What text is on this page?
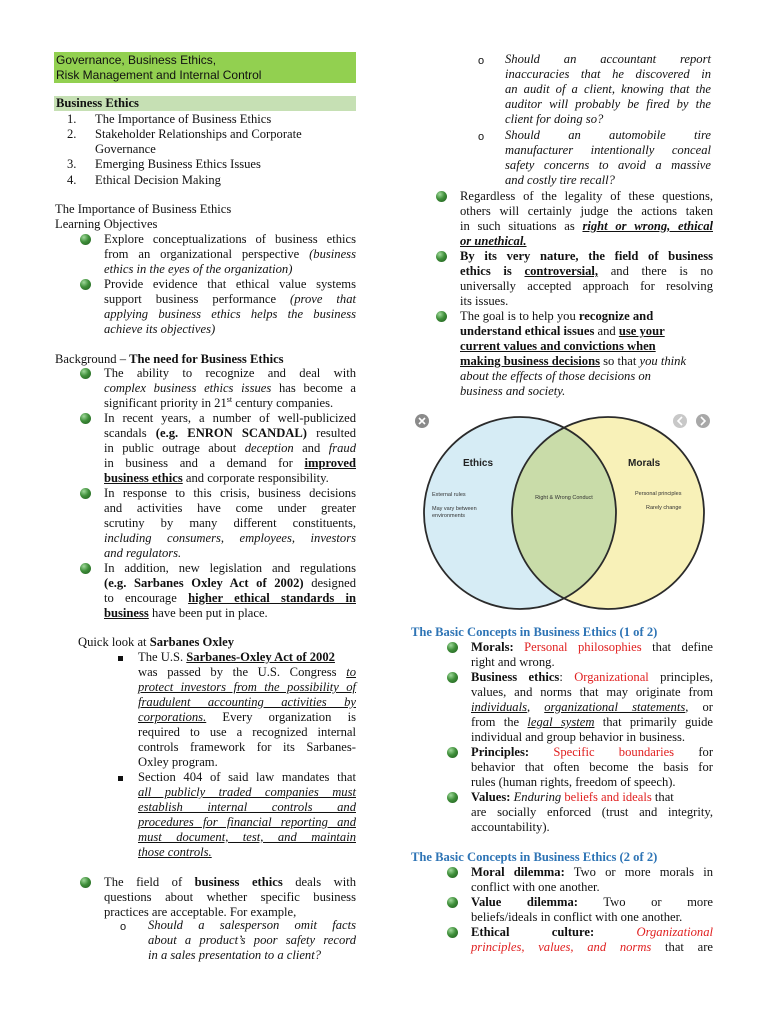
Governance, Business Ethics,
Risk Management and Internal Control
Business Ethics
1. The Importance of Business Ethics
2. Stakeholder Relationships and Corporate
Governance
3. Emerging Business Ethics Issues
4. Ethical Decision Making
The Importance of Business Ethics
Learning Objectives
Explore conceptualizations of business ethics
from an organizational perspective (business
ethics in the eyes of the organization)
Provide evidence that ethical value systems
support business performance (prove that
applying business ethics helps the business
achieve its objectives)
Background – The need for Business Ethics
The ability to recognize and deal with
complex business ethics issues has become a
significant priority in 21st century companies.
In recent years, a number of well-publicized
scandals (e.g. ENRON SCANDAL) resulted
in public outrage about deception and fraud
in business and a demand for improved
business ethics and corporate responsibility.
In response to this crisis, business decisions
and activities have come under greater
scrutiny by many different constituents,
including consumers, employees, investors
and regulators.
In addition, new legislation and regulations
(e.g. Sarbanes Oxley Act of 2002) designed
to encourage higher ethical standards in
business have been put in place.
Quick look at Sarbanes Oxley
The U.S. Sarbanes-Oxley Act of 2002
was passed by the U.S. Congress to
protect investors from the possibility of
fraudulent accounting activities by
corporations. Every organization is
required to use a recognized internal
controls framework for its Sarbanes-
Oxley program.
Section 404 of said law mandates that
all publicly traded companies must
establish internal controls and
procedures for financial reporting and
must document, test, and maintain
those controls.
The field of business ethics deals with
questions about whether specific business
practices are acceptable. For example,
o Should a salesperson omit facts
about a product’s poor safety record
in a sales presentation to a client?
o Should an accountant report
inaccuracies that he discovered in
an audit of a client, knowing that the
auditor will probably be fired by the
client for doing so?
o Should an automobile tire
manufacturer intentionally conceal
safety concerns to avoid a massive
and costly tire recall?
Regardless of the legality of these questions,
others will certainly judge the actions taken
in such situations as right or wrong, ethical
or unethical.
By its very nature, the field of business
ethics is controversial, and there is no
universally accepted approach for resolving
its issues.
The goal is to help you recognize and
understand ethical issues and use your
current values and convictions when
making business decisions so that you think
about the effects of those decisions on
business and society.
Ethics
External rules
May vary between
environments
Right & Wrong Conduct
Morals
Personal principles
Rarely change
The Basic Concepts in Business Ethics (1 of 2)
Morals: Personal philosophies that define
right and wrong.
Business ethics: Organizational principles,
values, and norms that may originate from
individuals, organizational statements, or
from the legal system that primarily guide
individual and group behavior in business.
Principles: Specific boundaries for
behavior that often become the basis for
rules (human rights, freedom of speech).
Values: Enduring beliefs and ideals that
are socially enforced (trust and integrity,
accountability).
The Basic Concepts in Business Ethics (2 of 2)
Moral dilemma: Two or more morals in
conflict with one another.
Value dilemma: Two or more
beliefs/ideals in conflict with one another.
Ethical culture:	Organizational
principles, values, and norms that are
